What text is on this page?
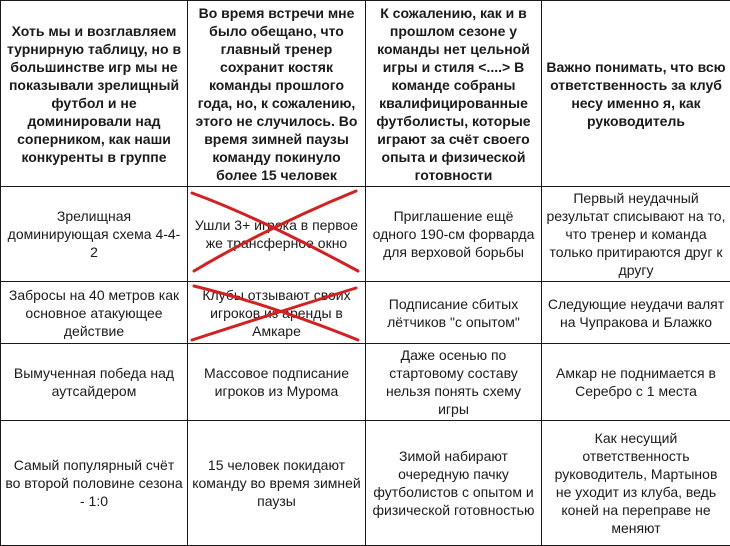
Хоть мы и возглавляем турнирную таблицу, но в большинстве игр мы не показывали зрелищный футбол и не доминировали над соперником, как наши конкуренты в группе	Во время встречи мне было обещано, что главный тренер сохранит костяк команды прошлого года, но, к сожалению, этого не случилось. Во время зимней паузы команду покинуло более 15 человек	К сожалению, как и в прошлом сезоне у команды нет цельной игры и стиля <....> В команде собраны квалифицированные футболисты, которые играют за счёт своего опыта и физической готовности	Важно понимать, что всю ответственность за клуб несу именно я, как руководитель
Зрелищная доминирующая схема 4-4-2	Ушли 3+ игрока в первое же трансферное окно	Приглашение ещё одного 190-см форварда для верховой борьбы	Первый неудачный результат списывают на то, что тренер и команда только притираются друг к другу
Забросы на 40 метров как основное атакующее действие	Клубы отзывают своих игроков из аренды в Амкаре	Подписание сбитых лётчиков "с опытом"	Следующие неудачи валят на Чупракова и Блажко
Вымученная победа над аутсайдером	Массовое подписание игроков из Мурома	Даже осенью по стартовому составу нельзя понять схему игры	Амкар не поднимается в Серебро с 1 места
Самый популярный счёт во второй половине сезона - 1:0	15 человек покидают команду во время зимней паузы	Зимой набирают очередную пачку футболистов с опытом и физической готовностью	Как несущий ответственность руководитель, Мартынов не уходит из клуба, ведь коней на переправе не меняют
